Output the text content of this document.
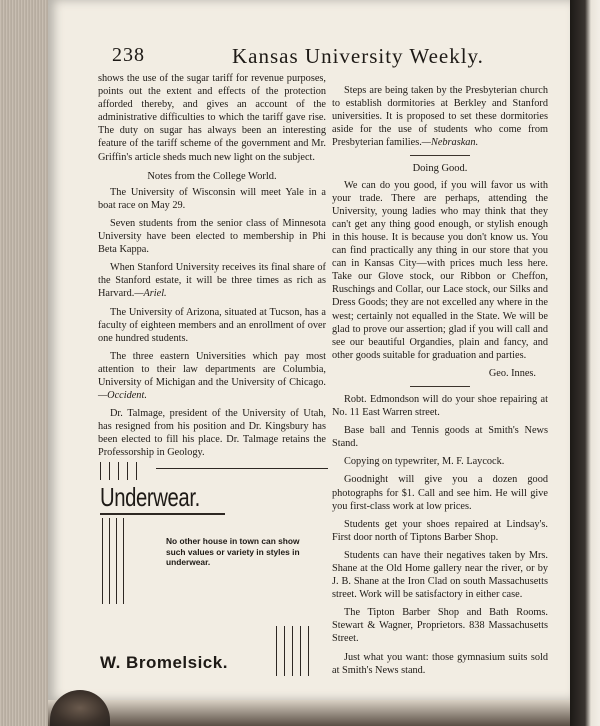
238	Kansas University Weekly.

shows the use of the sugar tariff for revenue purposes, points out the extent and effects of the protection afforded thereby, and gives an account of the administrative difficulties to which the tariff gave rise. The duty on sugar has always been an interesting feature of the tariff scheme of the government and Mr. Griffin's article sheds much new light on the subject.

Notes from the College World.

The University of Wisconsin will meet Yale in a boat race on May 29.

Seven students from the senior class of Minnesota University have been elected to membership in Phi Beta Kappa.

When Stanford University receives its final share of the Stanford estate, it will be three times as rich as Harvard.—Ariel.

The University of Arizona, situated at Tucson, has a faculty of eighteen members and an enrollment of over one hundred students.

The three eastern Universities which pay most attention to their law departments are Columbia, University of Michigan and the University of Chicago.—Occident.

Dr. Talmage, president of the University of Utah, has resigned from his position and Dr. Kingsbury has been elected to fill his place. Dr. Talmage retains the Professorship in Geology.

Underwear.
No other house in town can show such values or variety in styles in underwear.
W. Bromelsick.

Steps are being taken by the Presbyterian church to establish dormitories at Berkley and Stanford universities. It is proposed to set these dormitories aside for the use of students who come from Presbyterian families.—Nebraskan.

Doing Good.

We can do you good, if you will favor us with your trade. There are perhaps, attending the University, young ladies who may think that they can't get any thing good enough, or stylish enough in this house. It is because you don't know us. You can find practically any thing in our store that you can in Kansas City—with prices much less here. Take our Glove stock, our Ribbon or Cheffon, Ruschings and Collar, our Lace stock, our Silks and Dress Goods; they are not excelled any where in the west; certainly not equalled in the State. We will be glad to prove our assertion; glad if you will call and see our beautiful Organdies, plain and fancy, and other goods suitable for graduation and parties.

Geo. Innes.

Robt. Edmondson will do your shoe repairing at No. 11 East Warren street.

Base ball and Tennis goods at Smith's News Stand.

Copying on typewriter, M. F. Laycock.

Goodnight will give you a dozen good photographs for $1. Call and see him. He will give you first-class work at low prices.

Students get your shoes repaired at Lindsay's. First door north of Tiptons Barber Shop.

Students can have their negatives taken by Mrs. Shane at the Old Home gallery near the river, or by J. B. Shane at the Iron Clad on south Massachusetts street. Work will be satisfactory in either case.

The Tipton Barber Shop and Bath Rooms. Stewart & Wagner, Proprietors. 838 Massachusetts Street.

Just what you want: those gymnasium suits sold at Smith's News stand.
